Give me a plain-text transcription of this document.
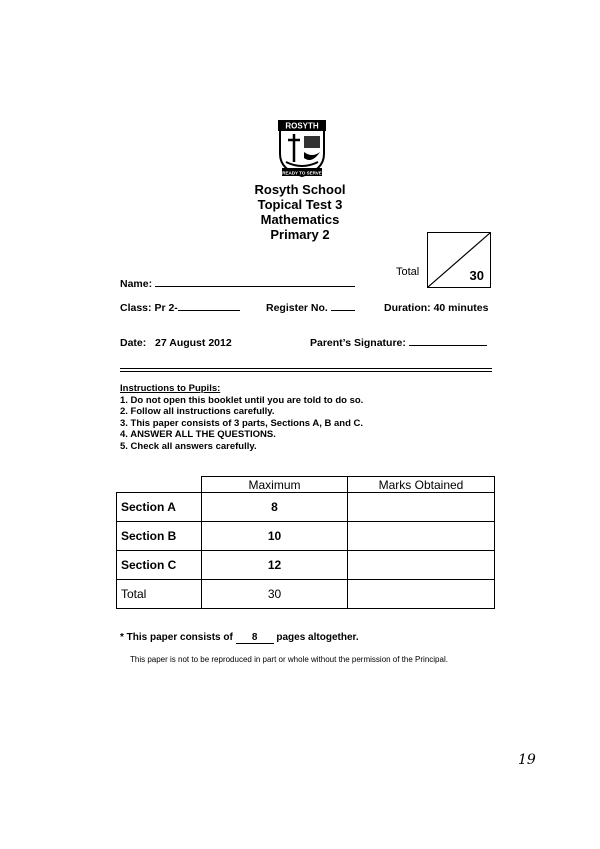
ROSYTH
READY TO SERVE
Rosyth School
Topical Test 3
Mathematics
Primary 2
Total	30
Name:
Class: Pr 2-	Register No.	Duration: 40 minutes
Date: 27 August 2012	Parent’s Signature:
Instructions to Pupils:
1. Do not open this booklet until you are told to do so.
2. Follow all instructions carefully.
3. This paper consists of 3 parts, Sections A, B and C.
4. ANSWER ALL THE QUESTIONS.
5. Check all answers carefully.
	Maximum	Marks Obtained
Section A	8	
Section B	10	
Section C	12	
Total	30	
* This paper consists of 8 pages altogether.
This paper is not to be reproduced in part or whole without the permission of the Principal.
19
